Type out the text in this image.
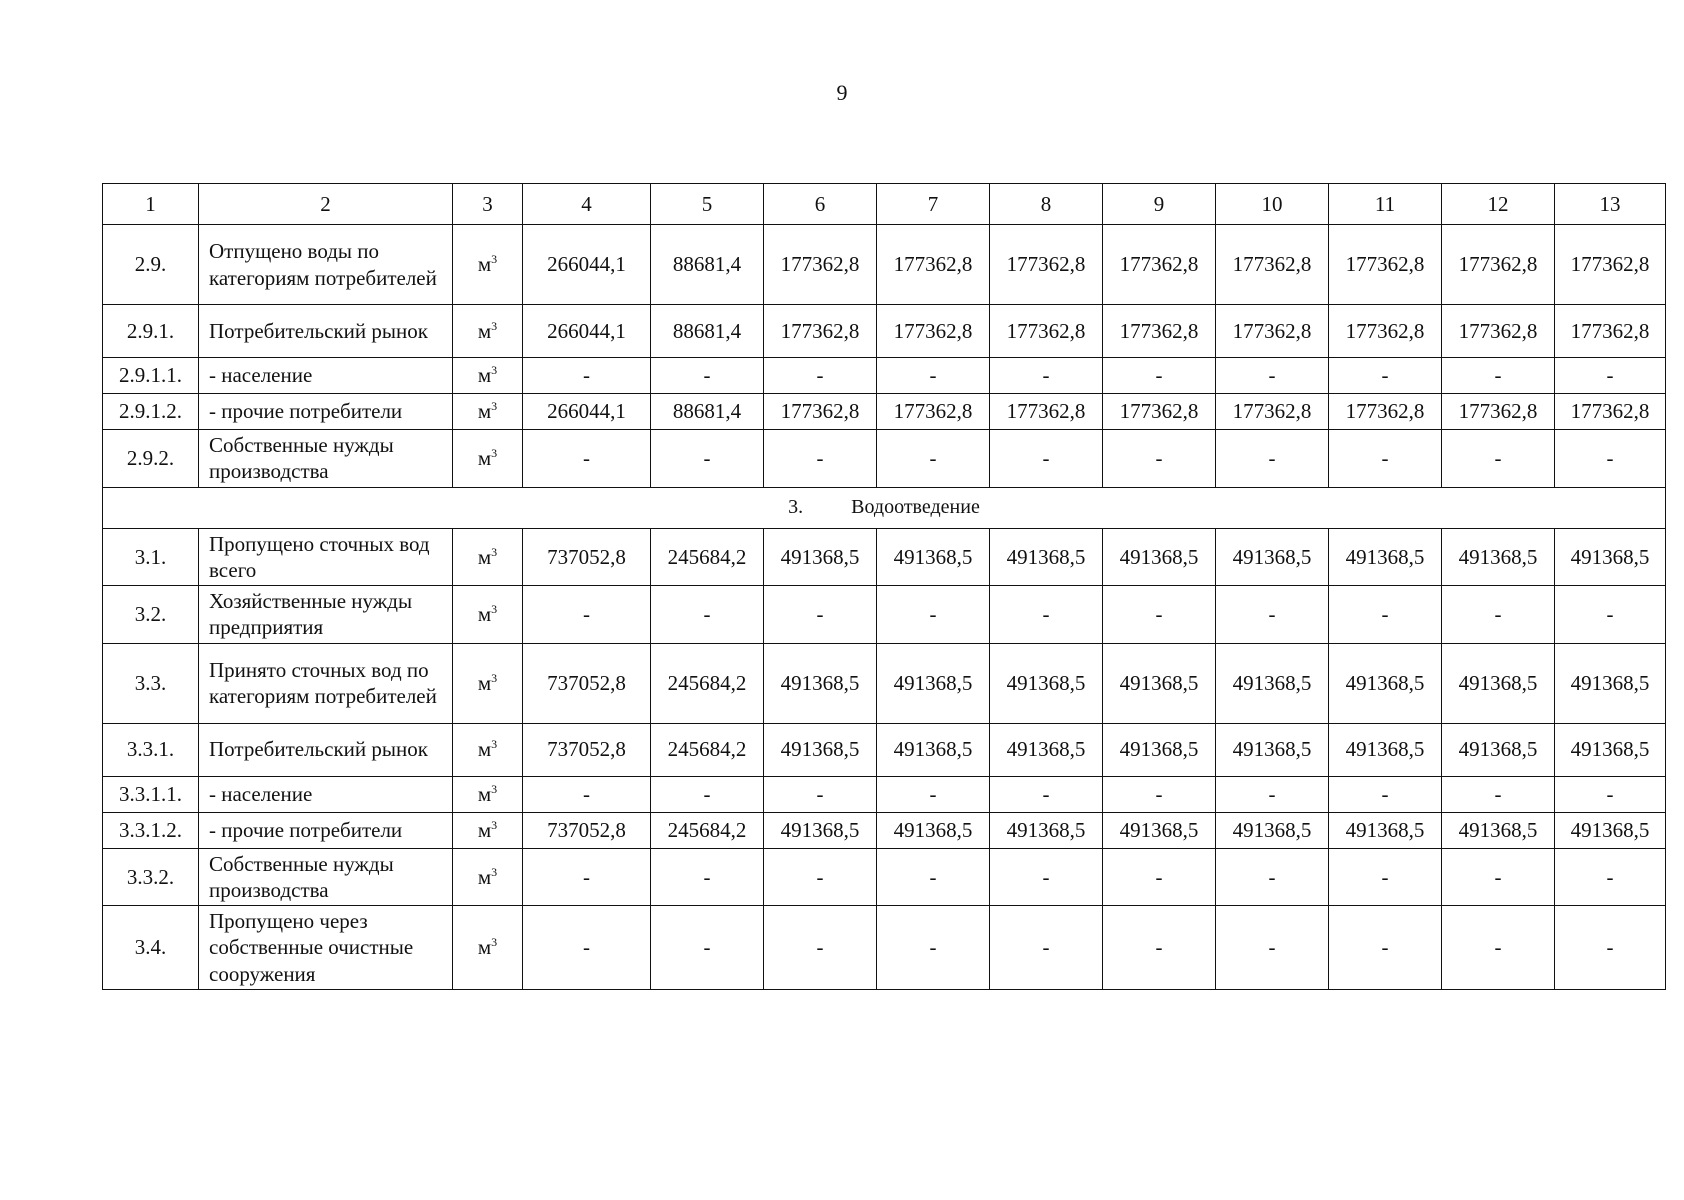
9
1	2	3	4	5	6	7	8	9	10	11	12	13
2.9.	Отпущено воды по категориям потребителей	$м^3$	266044,1	88681,4	177362,8	177362,8	177362,8	177362,8	177362,8	177362,8	177362,8	177362,8
2.9.1.	Потребительский рынок	$м^3$	266044,1	88681,4	177362,8	177362,8	177362,8	177362,8	177362,8	177362,8	177362,8	177362,8
2.9.1.1.	- население	$м^3$	-	-	-	-	-	-	-	-	-	-
2.9.1.2.	- прочие потребители	$м^3$	266044,1	88681,4	177362,8	177362,8	177362,8	177362,8	177362,8	177362,8	177362,8	177362,8
2.9.2.	Собственные нужды производства	$м^3$	-	-	-	-	-	-	-	-	-	-
3. Водоотведение												
3.1.	Пропущено сточных вод всего	$м^3$	737052,8	245684,2	491368,5	491368,5	491368,5	491368,5	491368,5	491368,5	491368,5	491368,5
3.2.	Хозяйственные нужды предприятия	$м^3$	-	-	-	-	-	-	-	-	-	-
3.3.	Принято сточных вод по категориям потребителей	$м^3$	737052,8	245684,2	491368,5	491368,5	491368,5	491368,5	491368,5	491368,5	491368,5	491368,5
3.3.1.	Потребительский рынок	$м^3$	737052,8	245684,2	491368,5	491368,5	491368,5	491368,5	491368,5	491368,5	491368,5	491368,5
3.3.1.1.	- население	$м^3$	-	-	-	-	-	-	-	-	-	-
3.3.1.2.	- прочие потребители	$м^3$	737052,8	245684,2	491368,5	491368,5	491368,5	491368,5	491368,5	491368,5	491368,5	491368,5
3.3.2.	Собственные нужды производства	$м^3$	-	-	-	-	-	-	-	-	-	-
3.4.	Пропущено через собственные очистные сооружения	$м^3$	-	-	-	-	-	-	-	-	-	-
